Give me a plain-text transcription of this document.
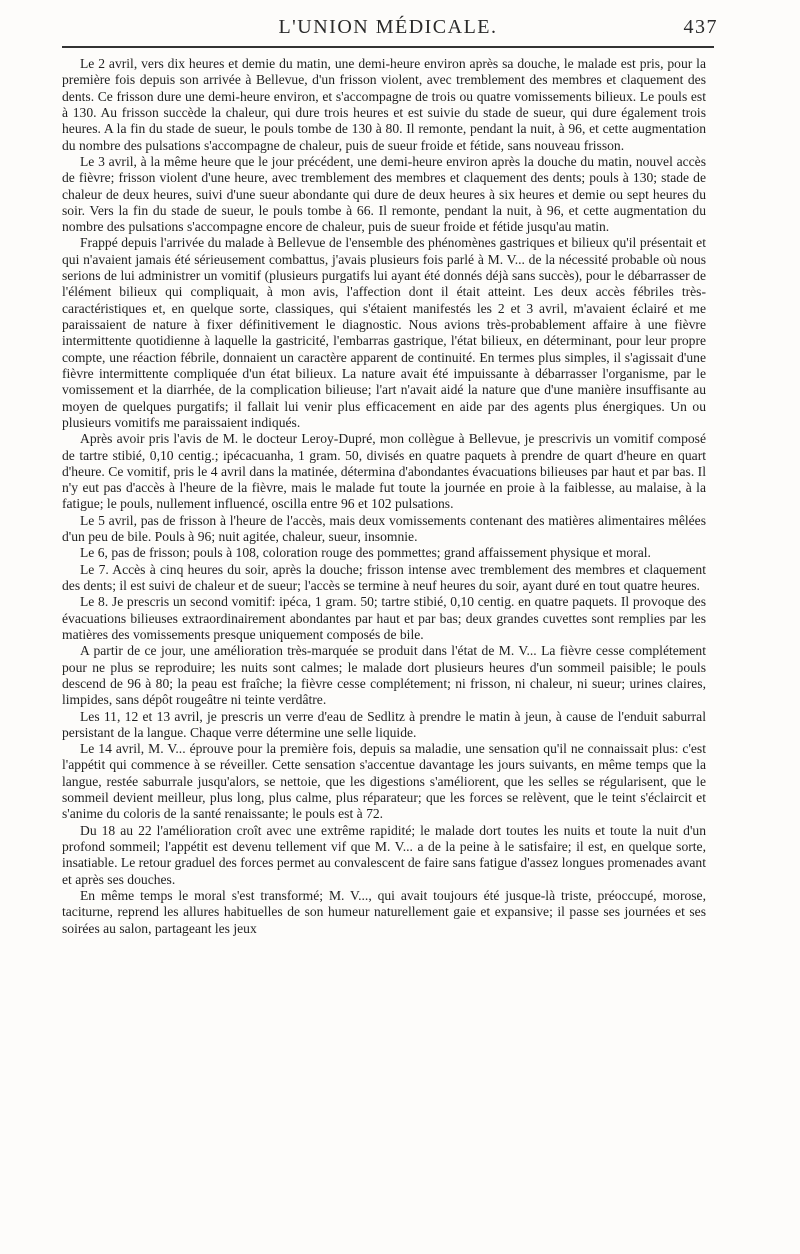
L'UNION MÉDICALE.	437

Le 2 avril, vers dix heures et demie du matin, une demi-heure environ après sa douche, le malade est pris, pour la première fois depuis son arrivée à Bellevue, d'un frisson violent, avec tremblement des membres et claquement des dents. Ce frisson dure une demi-heure environ, et s'accompagne de trois ou quatre vomissements bilieux. Le pouls est à 130. Au frisson succède la chaleur, qui dure trois heures et est suivie du stade de sueur, qui dure également trois heures. A la fin du stade de sueur, le pouls tombe de 130 à 80. Il remonte, pendant la nuit, à 96, et cette augmentation du nombre des pulsations s'accompagne de chaleur, puis de sueur froide et fétide, sans nouveau frisson.

Le 3 avril, à la même heure que le jour précédent, une demi-heure environ après la douche du matin, nouvel accès de fièvre; frisson violent d'une heure, avec tremblement des membres et claquement des dents; pouls à 130; stade de chaleur de deux heures, suivi d'une sueur abondante qui dure de deux heures à six heures et demie ou sept heures du soir. Vers la fin du stade de sueur, le pouls tombe à 66. Il remonte, pendant la nuit, à 96, et cette augmentation du nombre des pulsations s'accompagne encore de chaleur, puis de sueur froide et fétide jusqu'au matin.

Frappé depuis l'arrivée du malade à Bellevue de l'ensemble des phénomènes gastriques et bilieux qu'il présentait et qui n'avaient jamais été sérieusement combattus, j'avais plusieurs fois parlé à M. V... de la nécessité probable où nous serions de lui administrer un vomitif (plusieurs purgatifs lui ayant été donnés déjà sans succès), pour le débarrasser de l'élément bilieux qui compliquait, à mon avis, l'affection dont il était atteint. Les deux accès fébriles très-caractéristiques et, en quelque sorte, classiques, qui s'étaient manifestés les 2 et 3 avril, m'avaient éclairé et me paraissaient de nature à fixer définitivement le diagnostic. Nous avions très-probablement affaire à une fièvre intermittente quotidienne à laquelle la gastricité, l'embarras gastrique, l'état bilieux, en déterminant, pour leur propre compte, une réaction fébrile, donnaient un caractère apparent de continuité. En termes plus simples, il s'agissait d'une fièvre intermittente compliquée d'un état bilieux. La nature avait été impuissante à débarrasser l'organisme, par le vomissement et la diarrhée, de la complication bilieuse; l'art n'avait aidé la nature que d'une manière insuffisante au moyen de quelques purgatifs; il fallait lui venir plus efficacement en aide par des agents plus énergiques. Un ou plusieurs vomitifs me paraissaient indiqués.

Après avoir pris l'avis de M. le docteur Leroy-Dupré, mon collègue à Bellevue, je prescrivis un vomitif composé de tartre stibié, 0,10 centig.; ipécacuanha, 1 gram. 50, divisés en quatre paquets à prendre de quart d'heure en quart d'heure. Ce vomitif, pris le 4 avril dans la matinée, détermina d'abondantes évacuations bilieuses par haut et par bas. Il n'y eut pas d'accès à l'heure de la fièvre, mais le malade fut toute la journée en proie à la faiblesse, au malaise, à la fatigue; le pouls, nullement influencé, oscilla entre 96 et 102 pulsations.

Le 5 avril, pas de frisson à l'heure de l'accès, mais deux vomissements contenant des matières alimentaires mêlées d'un peu de bile. Pouls à 96; nuit agitée, chaleur, sueur, insomnie.

Le 6, pas de frisson; pouls à 108, coloration rouge des pommettes; grand affaissement physique et moral.

Le 7. Accès à cinq heures du soir, après la douche; frisson intense avec tremblement des membres et claquement des dents; il est suivi de chaleur et de sueur; l'accès se termine à neuf heures du soir, ayant duré en tout quatre heures.

Le 8. Je prescris un second vomitif: ipéca, 1 gram. 50; tartre stibié, 0,10 centig. en quatre paquets. Il provoque des évacuations bilieuses extraordinairement abondantes par haut et par bas; deux grandes cuvettes sont remplies par les matières des vomissements presque uniquement composés de bile.

A partir de ce jour, une amélioration très-marquée se produit dans l'état de M. V... La fièvre cesse complétement pour ne plus se reproduire; les nuits sont calmes; le malade dort plusieurs heures d'un sommeil paisible; le pouls descend de 96 à 80; la peau est fraîche; la fièvre cesse complétement; ni frisson, ni chaleur, ni sueur; urines claires, limpides, sans dépôt rougeâtre ni teinte verdâtre.

Les 11, 12 et 13 avril, je prescris un verre d'eau de Sedlitz à prendre le matin à jeun, à cause de l'enduit saburral persistant de la langue. Chaque verre détermine une selle liquide.

Le 14 avril, M. V... éprouve pour la première fois, depuis sa maladie, une sensation qu'il ne connaissait plus: c'est l'appétit qui commence à se réveiller. Cette sensation s'accentue davantage les jours suivants, en même temps que la langue, restée saburrale jusqu'alors, se nettoie, que les digestions s'améliorent, que les selles se régularisent, que le sommeil devient meilleur, plus long, plus calme, plus réparateur; que les forces se relèvent, que le teint s'éclaircit et s'anime du coloris de la santé renaissante; le pouls est à 72.

Du 18 au 22 l'amélioration croît avec une extrême rapidité; le malade dort toutes les nuits et toute la nuit d'un profond sommeil; l'appétit est devenu tellement vif que M. V... a de la peine à le satisfaire; il est, en quelque sorte, insatiable. Le retour graduel des forces permet au convalescent de faire sans fatigue d'assez longues promenades avant et après ses douches.

En même temps le moral s'est transformé; M. V..., qui avait toujours été jusque-là triste, préoccupé, morose, taciturne, reprend les allures habituelles de son humeur naturellement gaie et expansive; il passe ses journées et ses soirées au salon, partageant les jeux
